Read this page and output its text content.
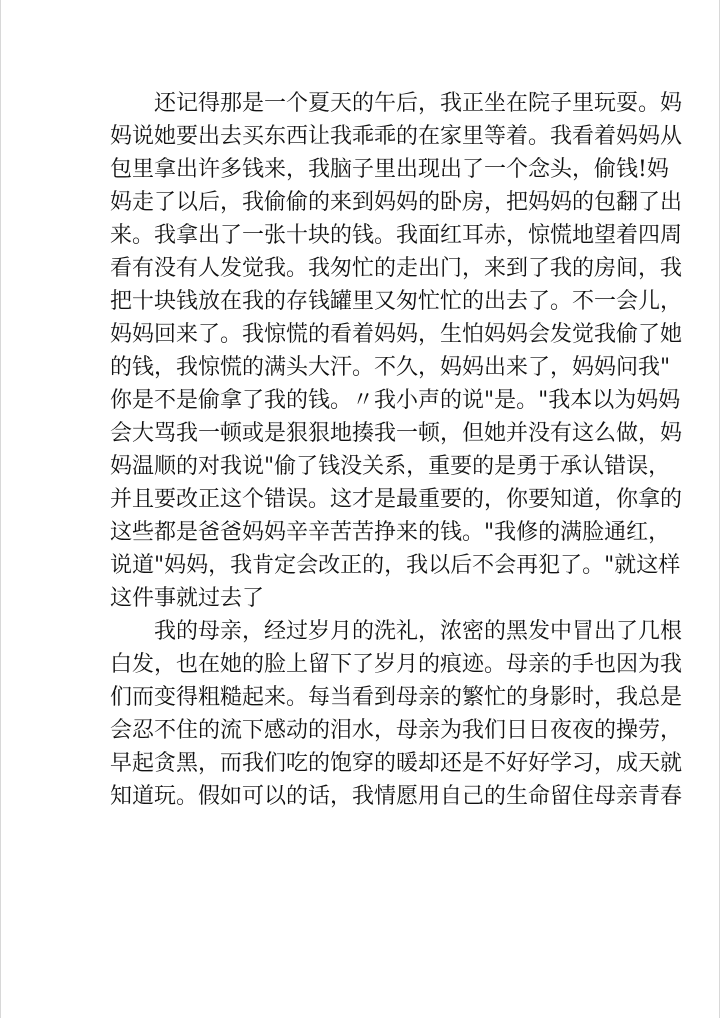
还记得那是一个夏天的午后，我正坐在院子里玩耍。妈
妈说她要出去买东西让我乖乖的在家里等着。我看着妈妈从
包里拿出许多钱来，我脑子里出现出了一个念头，偷钱!妈
妈走了以后，我偷偷的来到妈妈的卧房，把妈妈的包翻了出
来。我拿出了一张十块的钱。我面红耳赤，惊慌地望着四周
看有没有人发觉我。我匆忙的走出门，来到了我的房间，我
把十块钱放在我的存钱罐里又匆忙忙的出去了。不一会儿，
妈妈回来了。我惊慌的看着妈妈，生怕妈妈会发觉我偷了她
的钱，我惊慌的满头大汗。不久，妈妈出来了，妈妈问我"
你是不是偷拿了我的钱。〃我小声的说"是。"我本以为妈妈
会大骂我一顿或是狠狠地揍我一顿，但她并没有这么做，妈
妈温顺的对我说"偷了钱没关系，重要的是勇于承认错误，
并且要改正这个错误。这才是最重要的，你要知道，你拿的
这些都是爸爸妈妈辛辛苦苦挣来的钱。"我修的满脸通红，
说道"妈妈，我肯定会改正的，我以后不会再犯了。"就这样
这件事就过去了
我的母亲，经过岁月的洗礼，浓密的黑发中冒出了几根
白发，也在她的脸上留下了岁月的痕迹。母亲的手也因为我
们而变得粗糙起来。每当看到母亲的繁忙的身影时，我总是
会忍不住的流下感动的泪水，母亲为我们日日夜夜的操劳，
早起贪黑，而我们吃的饱穿的暖却还是不好好学习，成天就
知道玩。假如可以的话，我情愿用自己的生命留住母亲青春
